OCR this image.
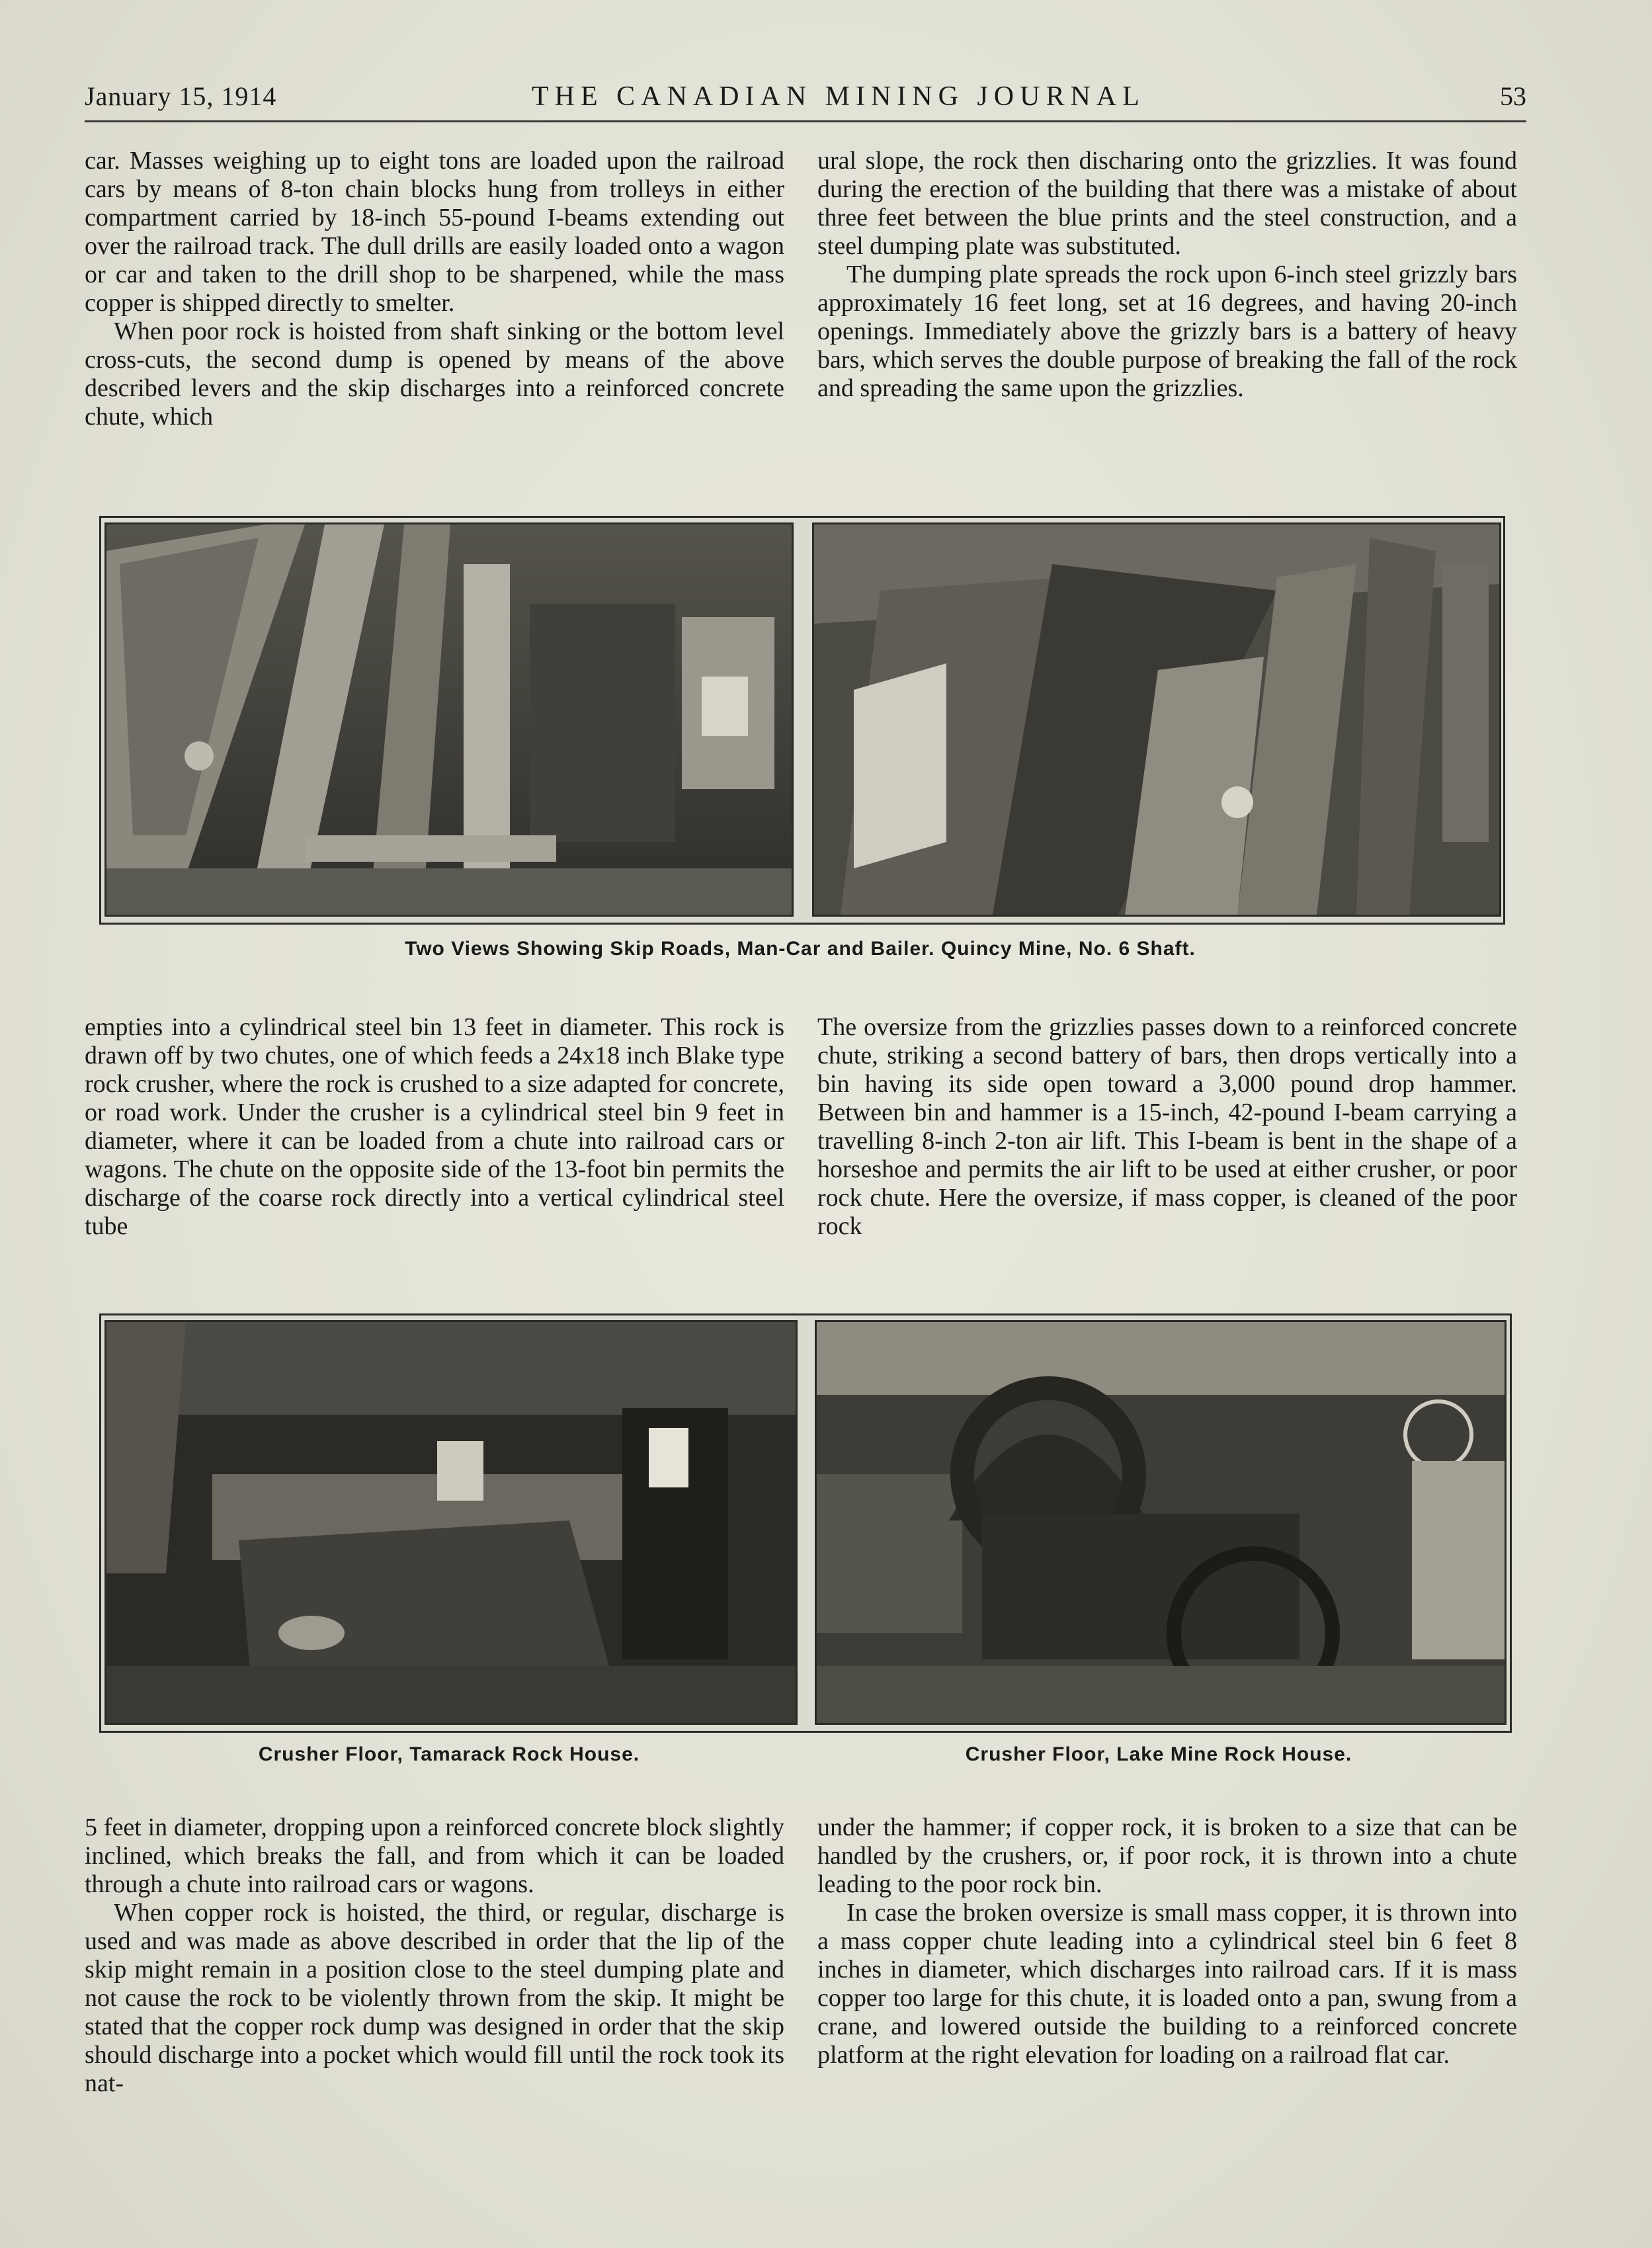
January 15, 1914	THE CANADIAN MINING JOURNAL	53

car. Masses weighing up to eight tons are loaded upon the railroad cars by means of 8-ton chain blocks hung from trolleys in either compartment carried by 18-inch 55-pound I-beams extending out over the railroad track. The dull drills are easily loaded onto a wagon or car and taken to the drill shop to be sharpened, while the mass copper is shipped directly to smelter.

When poor rock is hoisted from shaft sinking or the bottom level cross-cuts, the second dump is opened by means of the above described levers and the skip discharges into a reinforced concrete chute, which

ural slope, the rock then discharing onto the grizzlies. It was found during the erection of the building that there was a mistake of about three feet between the blue prints and the steel construction, and a steel dumping plate was substituted.

The dumping plate spreads the rock upon 6-inch steel grizzly bars approximately 16 feet long, set at 16 degrees, and having 20-inch openings. Immediately above the grizzly bars is a battery of heavy bars, which serves the double purpose of breaking the fall of the rock and spreading the same upon the grizzlies.

Two Views Showing Skip Roads, Man-Car and Bailer. Quincy Mine, No. 6 Shaft.

empties into a cylindrical steel bin 13 feet in diameter. This rock is drawn off by two chutes, one of which feeds a 24x18 inch Blake type rock crusher, where the rock is crushed to a size adapted for concrete, or road work. Under the crusher is a cylindrical steel bin 9 feet in diameter, where it can be loaded from a chute into railroad cars or wagons. The chute on the opposite side of the 13-foot bin permits the discharge of the coarse rock directly into a vertical cylindrical steel tube

The oversize from the grizzlies passes down to a reinforced concrete chute, striking a second battery of bars, then drops vertically into a bin having its side open toward a 3,000 pound drop hammer. Between bin and hammer is a 15-inch, 42-pound I-beam carrying a travelling 8-inch 2-ton air lift. This I-beam is bent in the shape of a horseshoe and permits the air lift to be used at either crusher, or poor rock chute. Here the oversize, if mass copper, is cleaned of the poor rock

Crusher Floor, Tamarack Rock House.	Crusher Floor, Lake Mine Rock House.

5 feet in diameter, dropping upon a reinforced concrete block slightly inclined, which breaks the fall, and from which it can be loaded through a chute into railroad cars or wagons.

When copper rock is hoisted, the third, or regular, discharge is used and was made as above described in order that the lip of the skip might remain in a position close to the steel dumping plate and not cause the rock to be violently thrown from the skip. It might be stated that the copper rock dump was designed in order that the skip should discharge into a pocket which would fill until the rock took its nat-

under the hammer; if copper rock, it is broken to a size that can be handled by the crushers, or, if poor rock, it is thrown into a chute leading to the poor rock bin.

In case the broken oversize is small mass copper, it is thrown into a mass copper chute leading into a cylindrical steel bin 6 feet 8 inches in diameter, which discharges into railroad cars. If it is mass copper too large for this chute, it is loaded onto a pan, swung from a crane, and lowered outside the building to a reinforced concrete platform at the right elevation for loading on a railroad flat car.
